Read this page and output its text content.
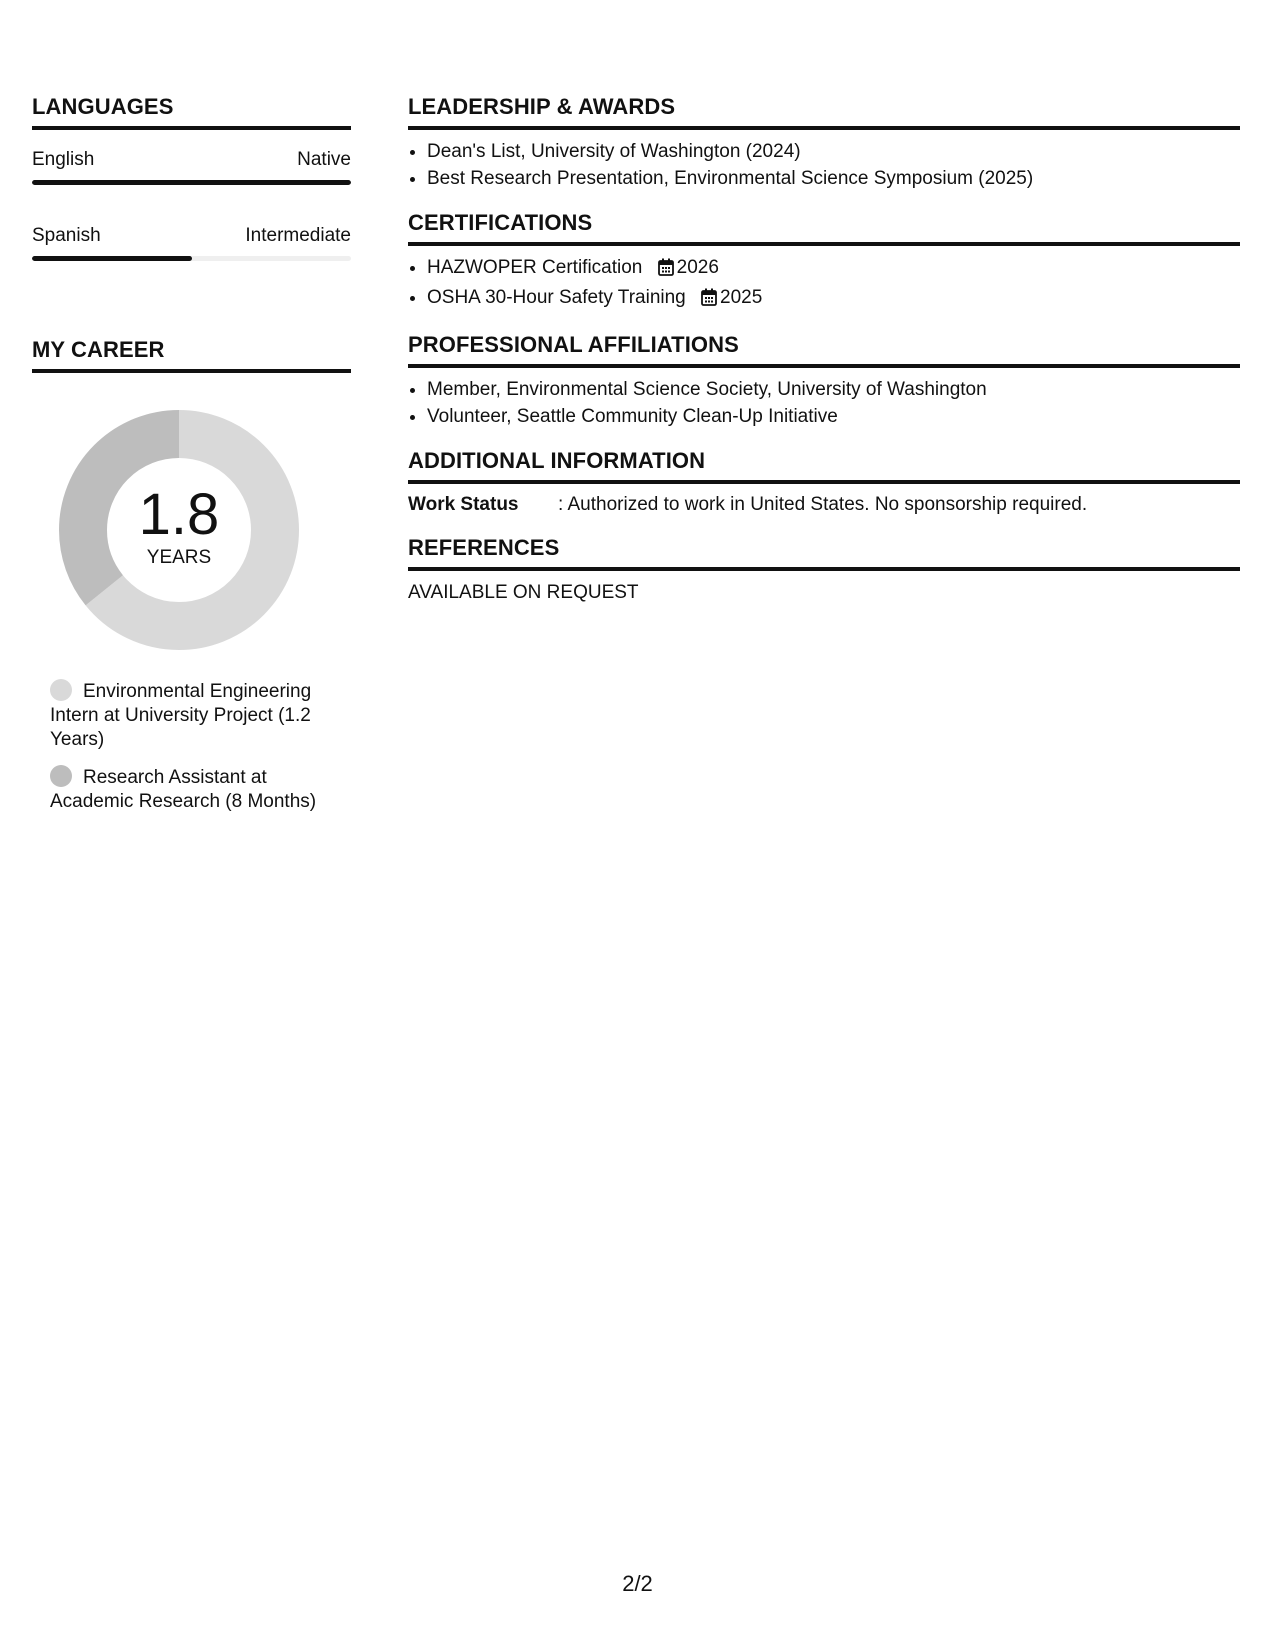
LANGUAGES
English	Native
Spanish	Intermediate
MY CAREER
1.8
YEARS
Environmental Engineering Intern at University Project (1.2 Years)
Research Assistant at Academic Research (8 Months)
LEADERSHIP & AWARDS
• Dean's List, University of Washington (2024)
• Best Research Presentation, Environmental Science Symposium (2025)
CERTIFICATIONS
• HAZWOPER Certification 2026
• OSHA 30-Hour Safety Training 2025
PROFESSIONAL AFFILIATIONS
• Member, Environmental Science Society, University of Washington
• Volunteer, Seattle Community Clean-Up Initiative
ADDITIONAL INFORMATION
Work Status	: Authorized to work in United States. No sponsorship required.
REFERENCES
AVAILABLE ON REQUEST
2/2
